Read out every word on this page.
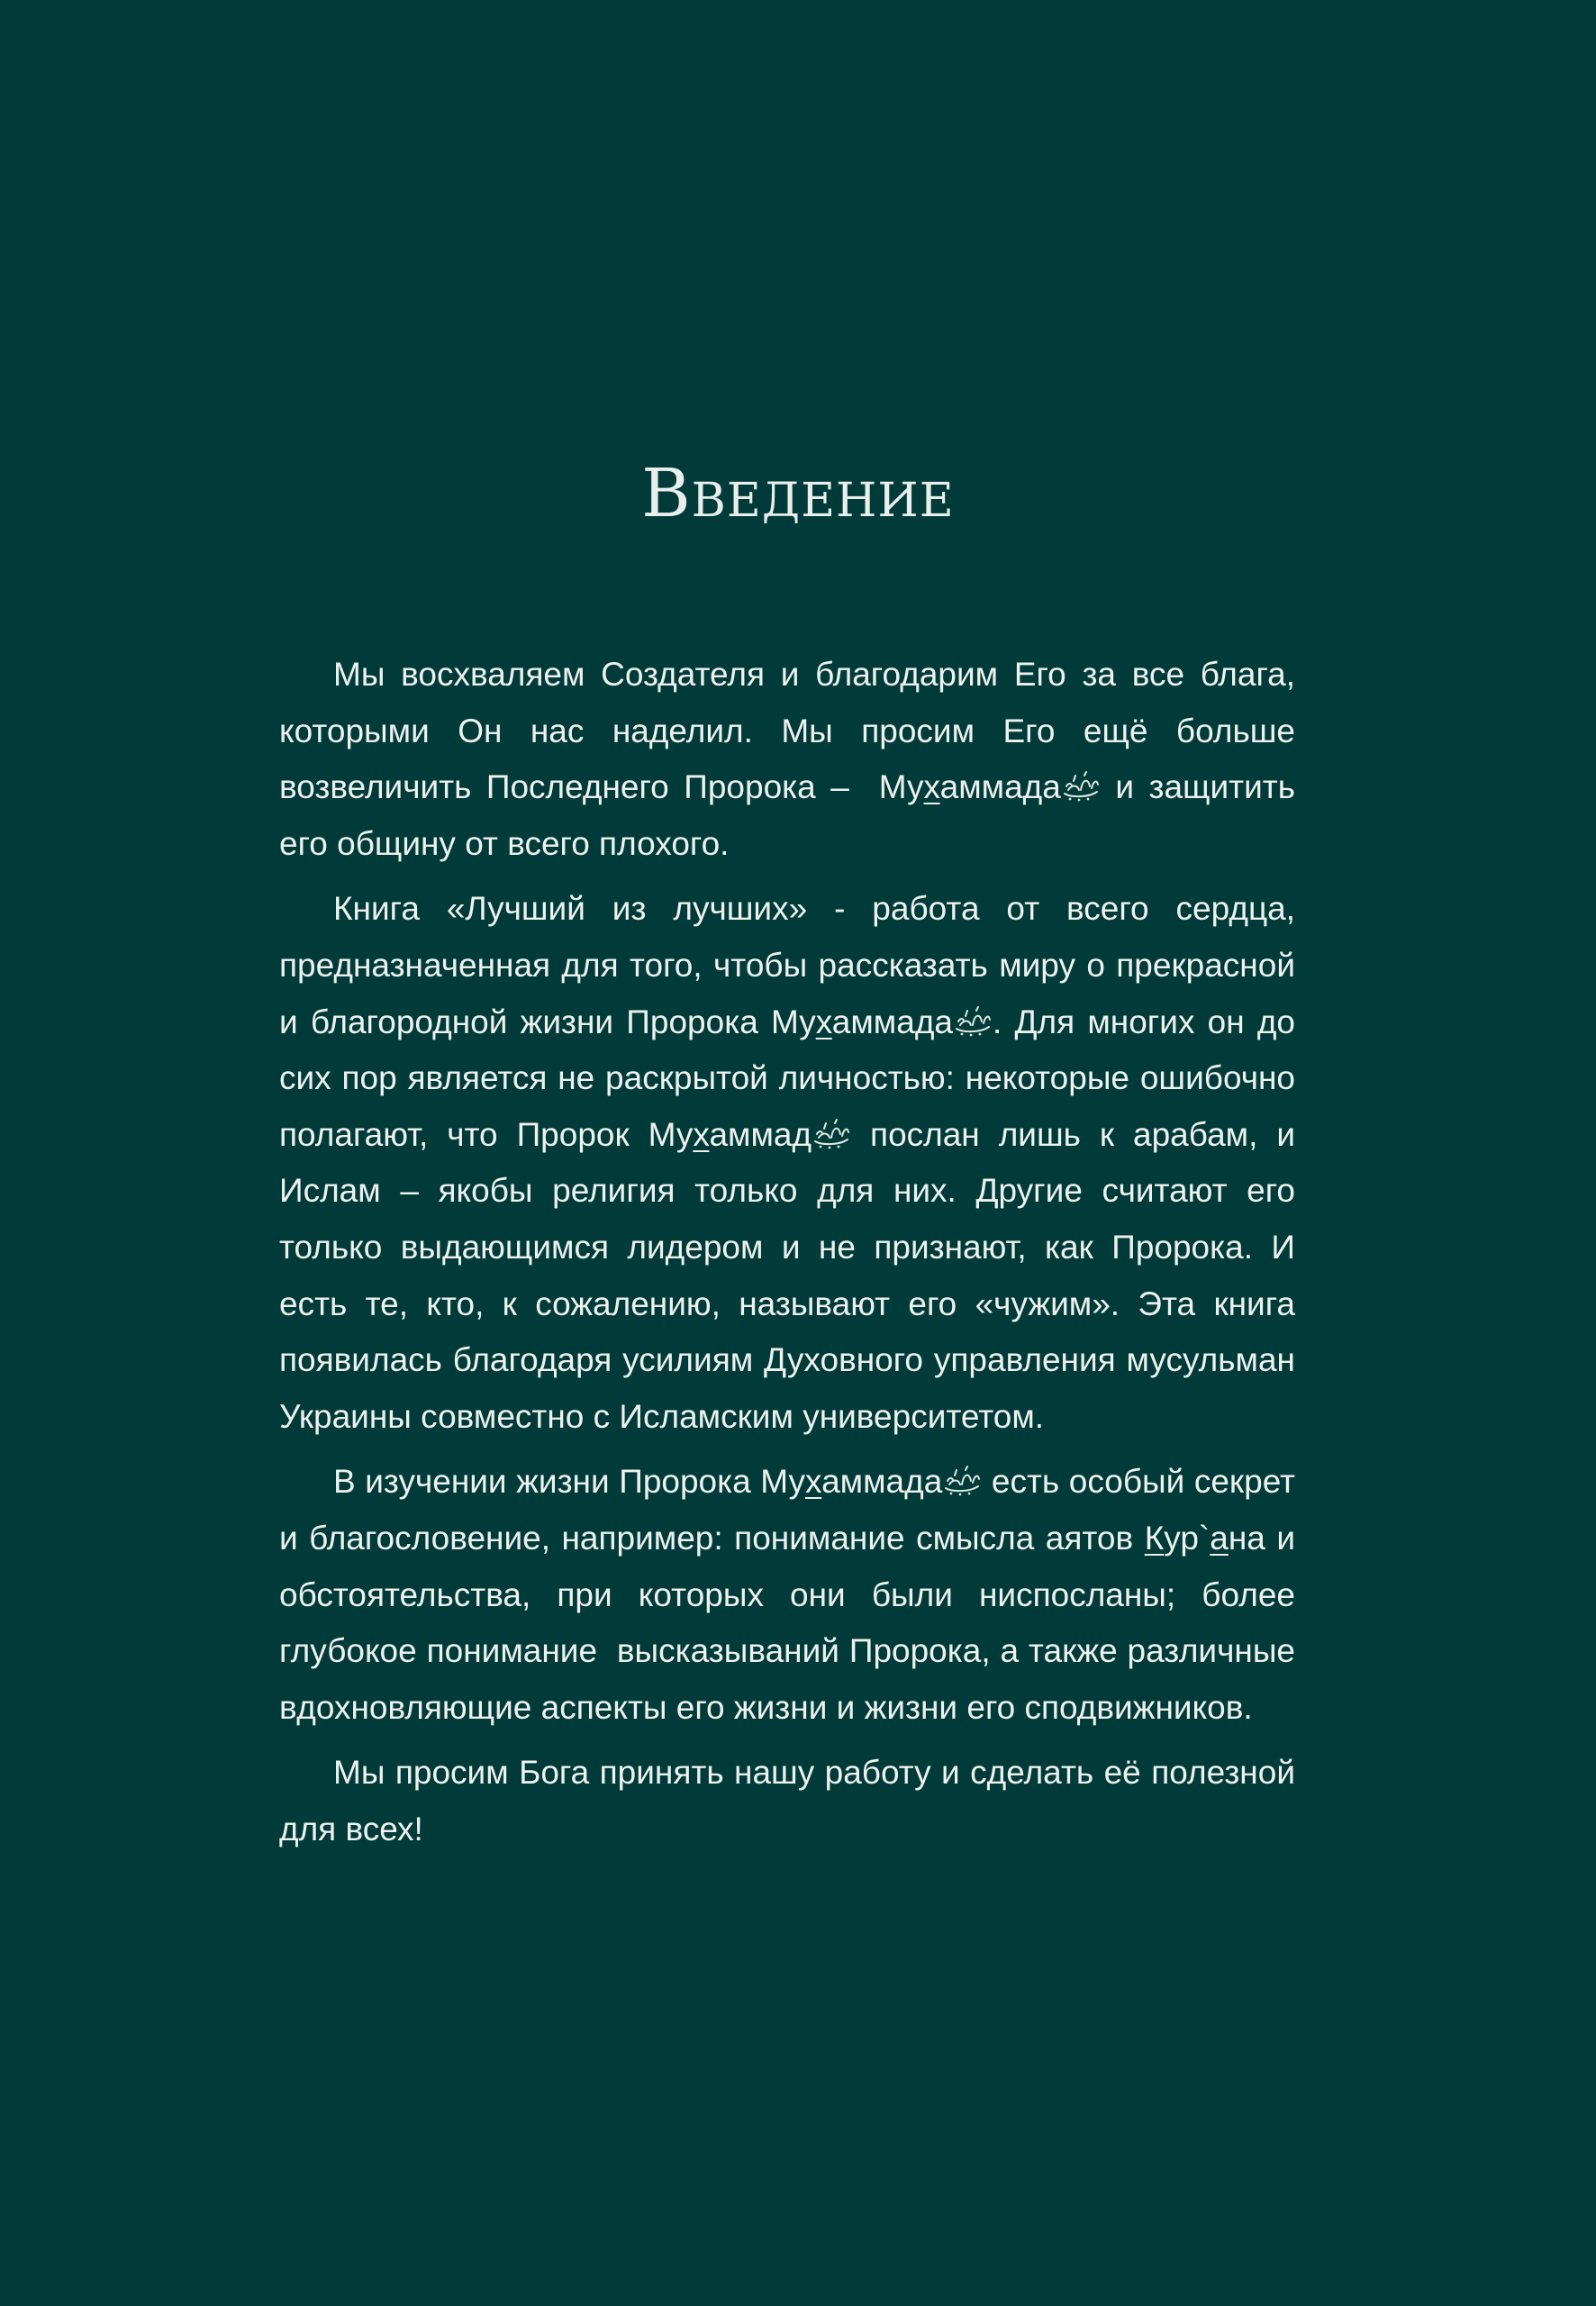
Введение

Мы восхваляем Создателя и благодарим Его за все блага, которыми Он нас наделил. Мы просим Его ещё больше возвеличить Последнего Пророка –  Мухаммада и защитить его общину от всего плохого.

Книга «Лучший из лучших» - работа от всего сердца, предназначенная для того, чтобы рассказать миру о прекрасной и благородной жизни Пророка Мухаммада . Для многих он до сих пор является не раскрытой личностью: некоторые ошибочно полагают, что Пророк Мухаммад послан лишь к арабам, и Ислам – якобы религия только для них. Другие считают его только выдающимся лидером и не признают, как Пророка. И есть те, кто, к сожалению, называют его «чужим». Эта книга появилась благодаря усилиям Духовного управления мусульман Украины совместно с Исламским университетом.

В изучении жизни Пророка Мухаммада есть особый секрет и благословение, например: понимание смысла аятов Кур`ана и обстоятельства, при которых они были ниспосланы; более глубокое понимание  высказываний Пророка, а также различные вдохновляющие аспекты его жизни и жизни его сподвижников.

Мы просим Бога принять нашу работу и сделать её полезной для всех!
